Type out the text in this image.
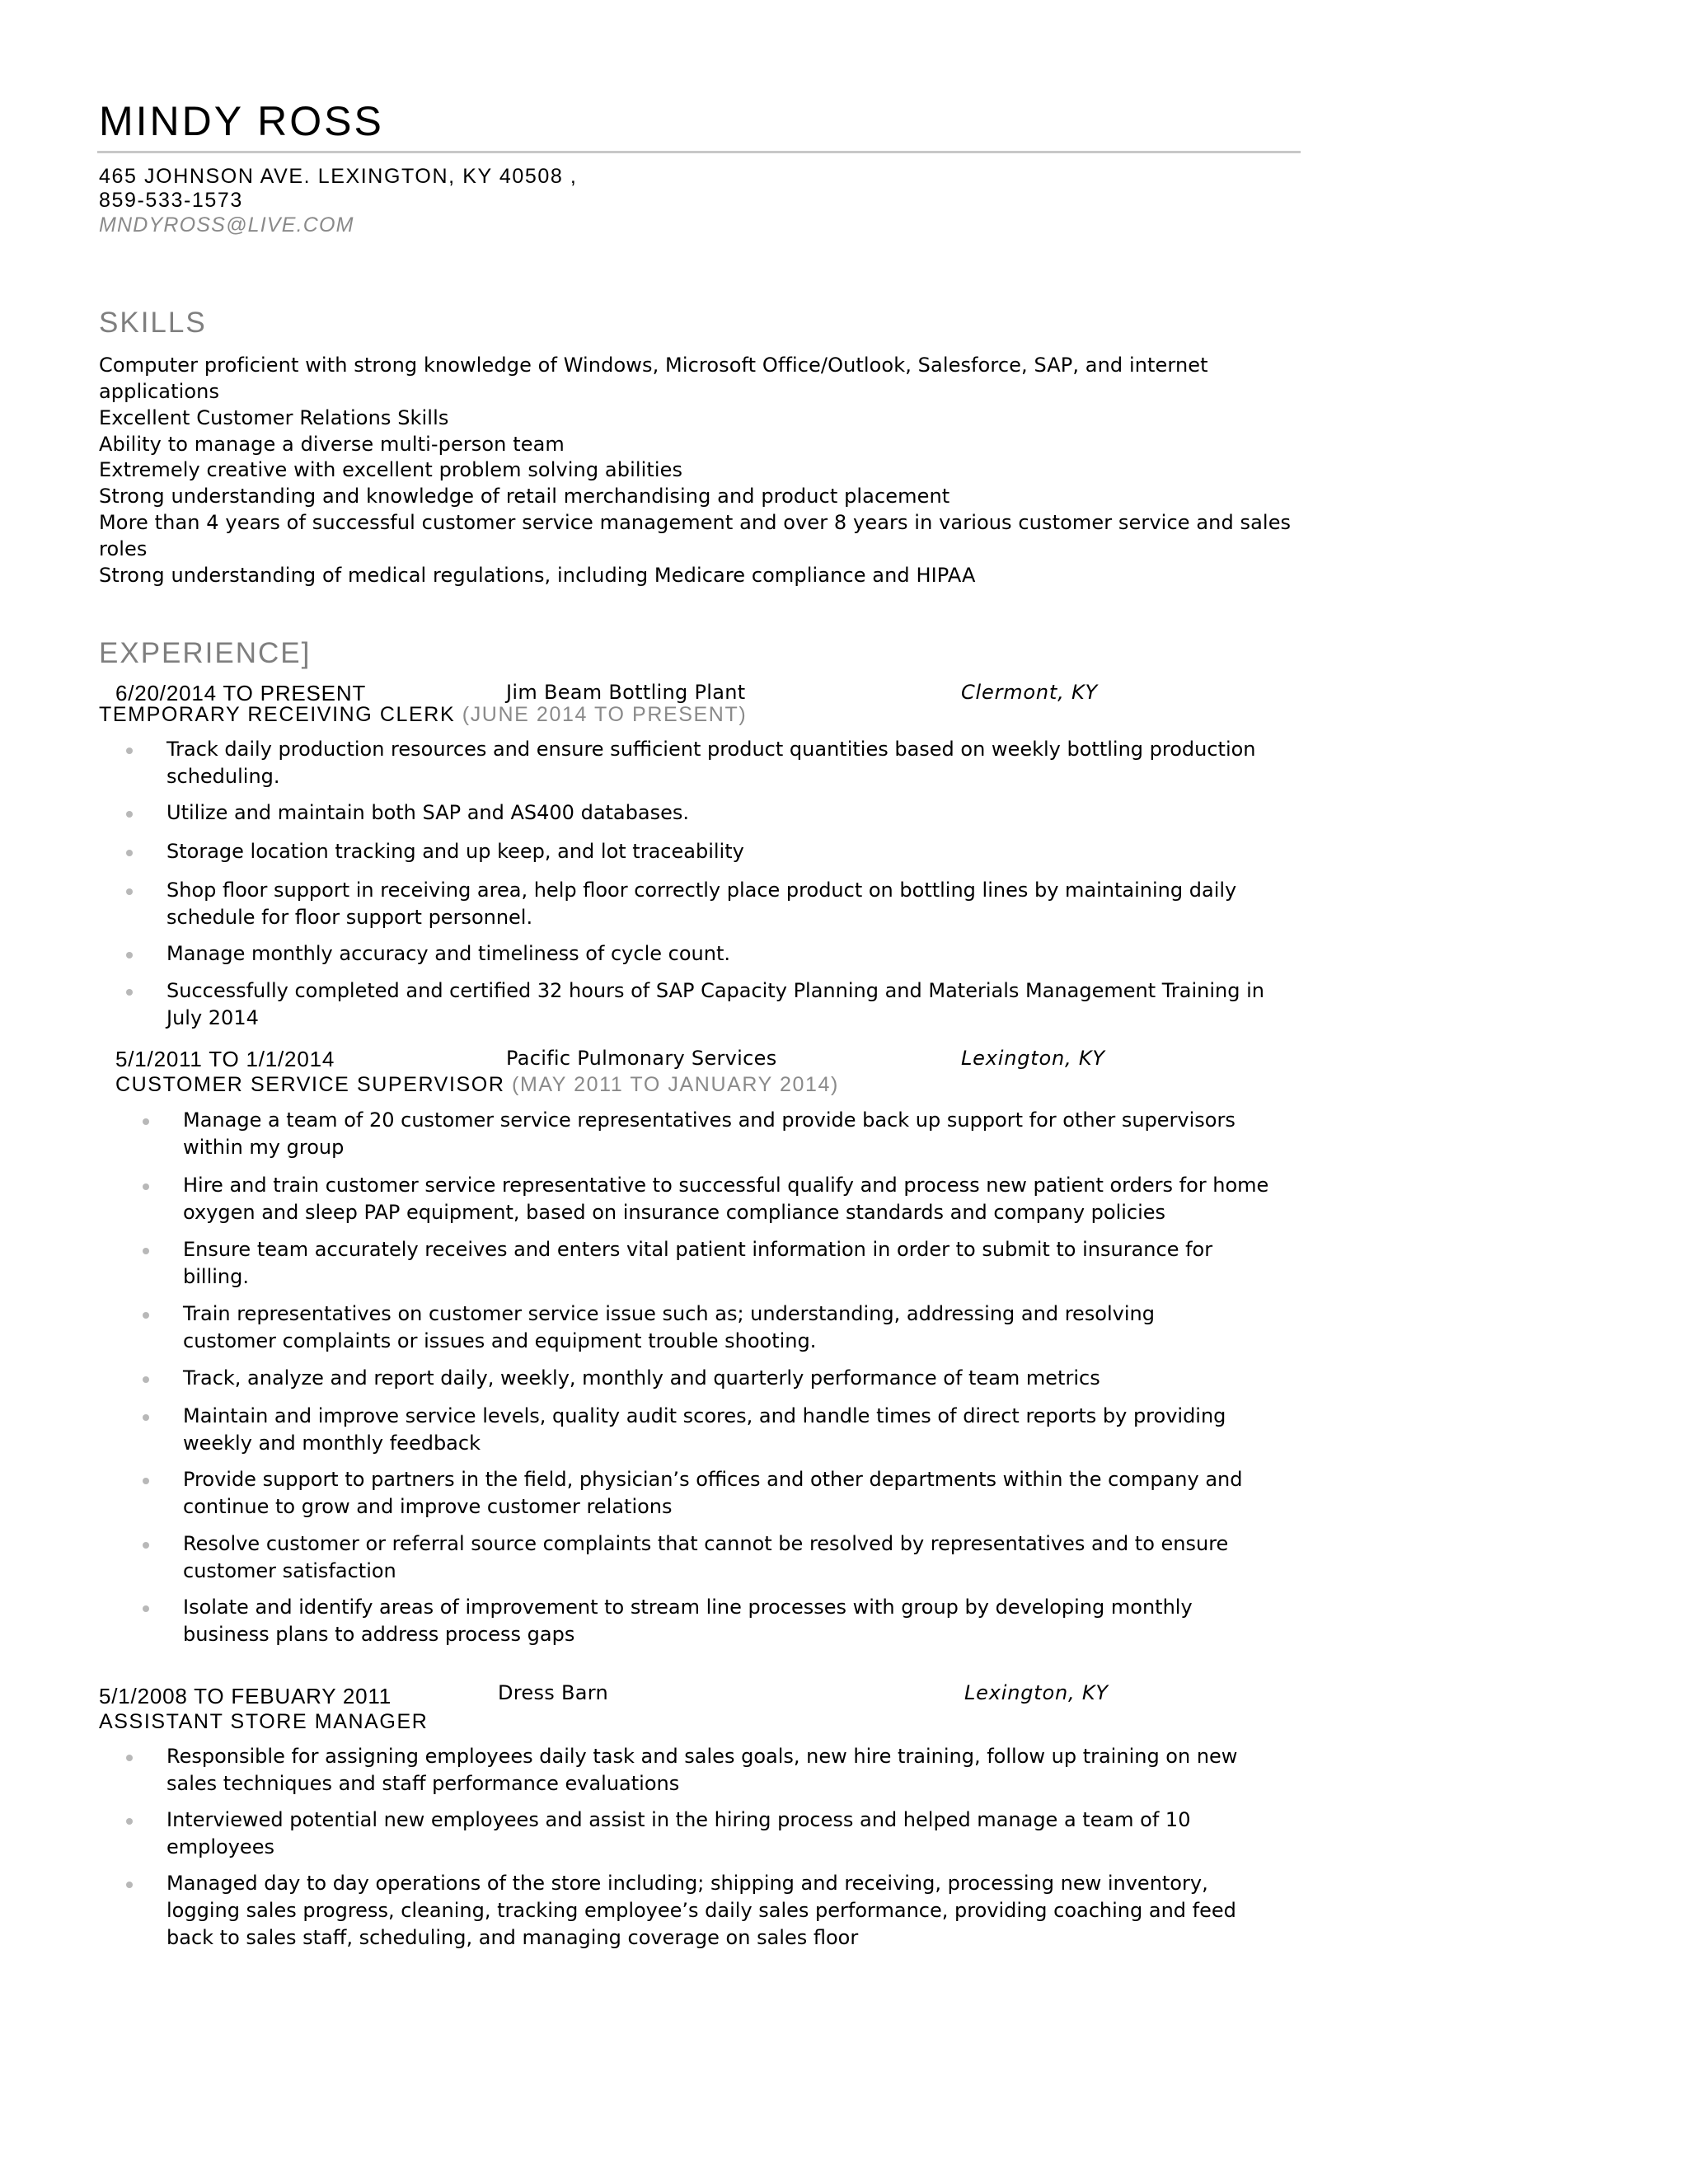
MINDY ROSS
465 JOHNSON AVE. LEXINGTON, KY 40508 ,
859-533-1573
MNDYROSS@LIVE.COM
SKILLS
Computer proficient with strong knowledge of Windows, Microsoft Office/Outlook, Salesforce, SAP, and internet applications
Excellent Customer Relations Skills
Ability to manage a diverse multi-person team
Extremely creative with excellent problem solving abilities
Strong understanding and knowledge of retail merchandising and product placement
More than 4 years of successful customer service management and over 8 years in various customer service and sales roles
Strong understanding of medical regulations, including Medicare compliance and HIPAA
EXPERIENCE]
6/20/2014 TO PRESENT	Jim Beam Bottling Plant	Clermont, KY
TEMPORARY RECEIVING CLERK (JUNE 2014 TO PRESENT)
Track daily production resources and ensure sufficient product quantities based on weekly bottling production scheduling.
Utilize and maintain both SAP and AS400 databases.
Storage location tracking and up keep, and lot traceability
Shop floor support in receiving area, help floor correctly place product on bottling lines by maintaining daily schedule for floor support personnel.
Manage monthly accuracy and timeliness of cycle count.
Successfully completed and certified 32 hours of SAP Capacity Planning and Materials Management Training in July 2014
5/1/2011 TO 1/1/2014	Pacific Pulmonary Services	Lexington, KY
CUSTOMER SERVICE SUPERVISOR (MAY 2011 TO JANUARY 2014)
Manage a team of 20 customer service representatives and provide back up support for other supervisors within my group
Hire and train customer service representative to successful qualify and process new patient orders for home oxygen and sleep PAP equipment, based on insurance compliance standards and company policies
Ensure team accurately receives and enters vital patient information in order to submit to insurance for billing.
Train representatives on customer service issue such as; understanding, addressing and resolving customer complaints or issues and equipment trouble shooting.
Track, analyze and report daily, weekly, monthly and quarterly performance of team metrics
Maintain and improve service levels, quality audit scores, and handle times of direct reports by providing weekly and monthly feedback
Provide support to partners in the field, physician’s offices and other departments within the company and continue to grow and improve customer relations
Resolve customer or referral source complaints that cannot be resolved by representatives and to ensure customer satisfaction
Isolate and identify areas of improvement to stream line processes with group by developing monthly business plans to address process gaps
5/1/2008 TO FEBUARY 2011	Dress Barn	Lexington, KY
ASSISTANT STORE MANAGER
Responsible for assigning employees daily task and sales goals, new hire training, follow up training on new sales techniques and staff performance evaluations
Interviewed potential new employees and assist in the hiring process and helped manage a team of 10 employees
Managed day to day operations of the store including; shipping and receiving, processing new inventory, logging sales progress, cleaning, tracking employee’s daily sales performance, providing coaching and feed back to sales staff, scheduling, and managing coverage on sales floor
